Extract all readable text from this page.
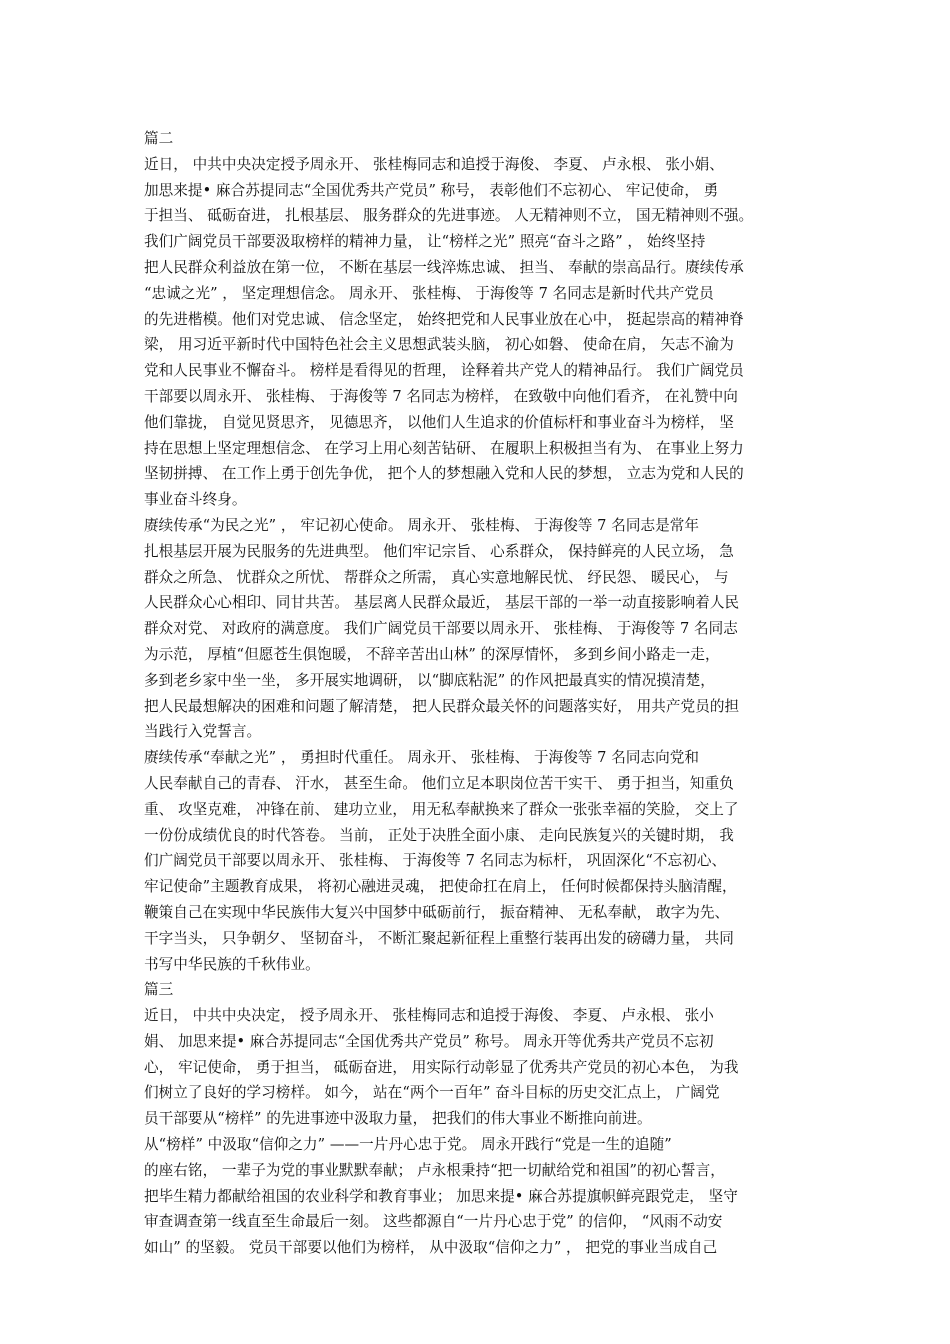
篇二
近日， 中共中央决定授予周永开、 张桂梅同志和追授于海俊、 李夏、 卢永根、 张小娟、
加思来提• 麻合苏提同志“全国优秀共产党员” 称号， 表彰他们不忘初心、 牢记使命， 勇
于担当、 砥砺奋进， 扎根基层、 服务群众的先进事迹。 人无精神则不立， 国无精神则不强。
我们广阔党员干部要汲取榜样的精神力量， 让“榜样之光” 照亮“奋斗之路” ， 始终坚持
把人民群众利益放在第一位， 不断在基层一线淬炼忠诚、 担当、 奉献的崇高品行。赓续传承
“忠诚之光” ， 坚定理想信念。 周永开、 张桂梅、 于海俊等 7 名同志是新时代共产党员
的先进楷模。他们对党忠诚、 信念坚定， 始终把党和人民事业放在心中， 挺起崇高的精神脊
梁， 用习近平新时代中国特色社会主义思想武装头脑， 初心如磐、 使命在肩， 矢志不渝为
党和人民事业不懈奋斗。 榜样是看得见的哲理， 诠释着共产党人的精神品行。 我们广阔党员
干部要以周永开、 张桂梅、 于海俊等 7 名同志为榜样， 在致敬中向他们看齐， 在礼赞中向
他们靠拢， 自觉见贤思齐， 见德思齐， 以他们人生追求的价值标杆和事业奋斗为榜样， 坚
持在思想上坚定理想信念、 在学习上用心刻苦钻研、 在履职上积极担当有为、 在事业上努力
坚韧拼搏、 在工作上勇于创先争优， 把个人的梦想融入党和人民的梦想， 立志为党和人民的
事业奋斗终身。
赓续传承“为民之光” ， 牢记初心使命。 周永开、 张桂梅、 于海俊等 7 名同志是常年
扎根基层开展为民服务的先进典型。 他们牢记宗旨、 心系群众， 保持鲜亮的人民立场， 急
群众之所急、 忧群众之所忧、 帮群众之所需， 真心实意地解民忧、 纾民怨、 暖民心， 与
人民群众心心相印、同甘共苦。 基层离人民群众最近， 基层干部的一举一动直接影响着人民
群众对党、 对政府的满意度。 我们广阔党员干部要以周永开、 张桂梅、 于海俊等 7 名同志
为示范， 厚植“但愿苍生俱饱暖， 不辞辛苦出山林” 的深厚情怀， 多到乡间小路走一走，
多到老乡家中坐一坐， 多开展实地调研， 以“脚底粘泥” 的作风把最真实的情况摸清楚，
把人民最想解决的困难和问题了解清楚， 把人民群众最关怀的问题落实好， 用共产党员的担
当践行入党誓言。
赓续传承“奉献之光” ， 勇担时代重任。 周永开、 张桂梅、 于海俊等 7 名同志向党和
人民奉献自己的青春、 汗水， 甚至生命。 他们立足本职岗位苦干实干、 勇于担当，知重负
重、 攻坚克难， 冲锋在前、 建功立业， 用无私奉献换来了群众一张张幸福的笑脸， 交上了
一份份成绩优良的时代答卷。 当前， 正处于决胜全面小康、 走向民族复兴的关键时期， 我
们广阔党员干部要以周永开、 张桂梅、 于海俊等 7 名同志为标杆， 巩固深化“不忘初心、
牢记使命”主题教育成果， 将初心融进灵魂， 把使命扛在肩上， 任何时候都保持头脑清醒，
鞭策自己在实现中华民族伟大复兴中国梦中砥砺前行， 振奋精神、 无私奉献， 敢字为先、
干字当头， 只争朝夕、 坚韧奋斗， 不断汇聚起新征程上重整行装再出发的磅礴力量， 共同
书写中华民族的千秋伟业。
篇三
近日， 中共中央决定， 授予周永开、 张桂梅同志和追授于海俊、 李夏、 卢永根、 张小
娟、 加思来提• 麻合苏提同志“全国优秀共产党员” 称号。 周永开等优秀共产党员不忘初
心， 牢记使命， 勇于担当， 砥砺奋进， 用实际行动彰显了优秀共产党员的初心本色， 为我
们树立了良好的学习榜样。 如今， 站在“两个一百年” 奋斗目标的历史交汇点上， 广阔党
员干部要从“榜样” 的先进事迹中汲取力量， 把我们的伟大事业不断推向前进。
从“榜样” 中汲取“信仰之力” ——一片丹心忠于党。 周永开践行“党是一生的追随”
的座右铭， 一辈子为党的事业默默奉献； 卢永根秉持“把一切献给党和祖国”的初心誓言，
把毕生精力都献给祖国的农业科学和教育事业； 加思来提• 麻合苏提旗帜鲜亮跟党走， 坚守
审查调查第一线直至生命最后一刻。 这些都源自“一片丹心忠于党” 的信仰， “风雨不动安
如山” 的坚毅。 党员干部要以他们为榜样， 从中汲取“信仰之力” ， 把党的事业当成自己
